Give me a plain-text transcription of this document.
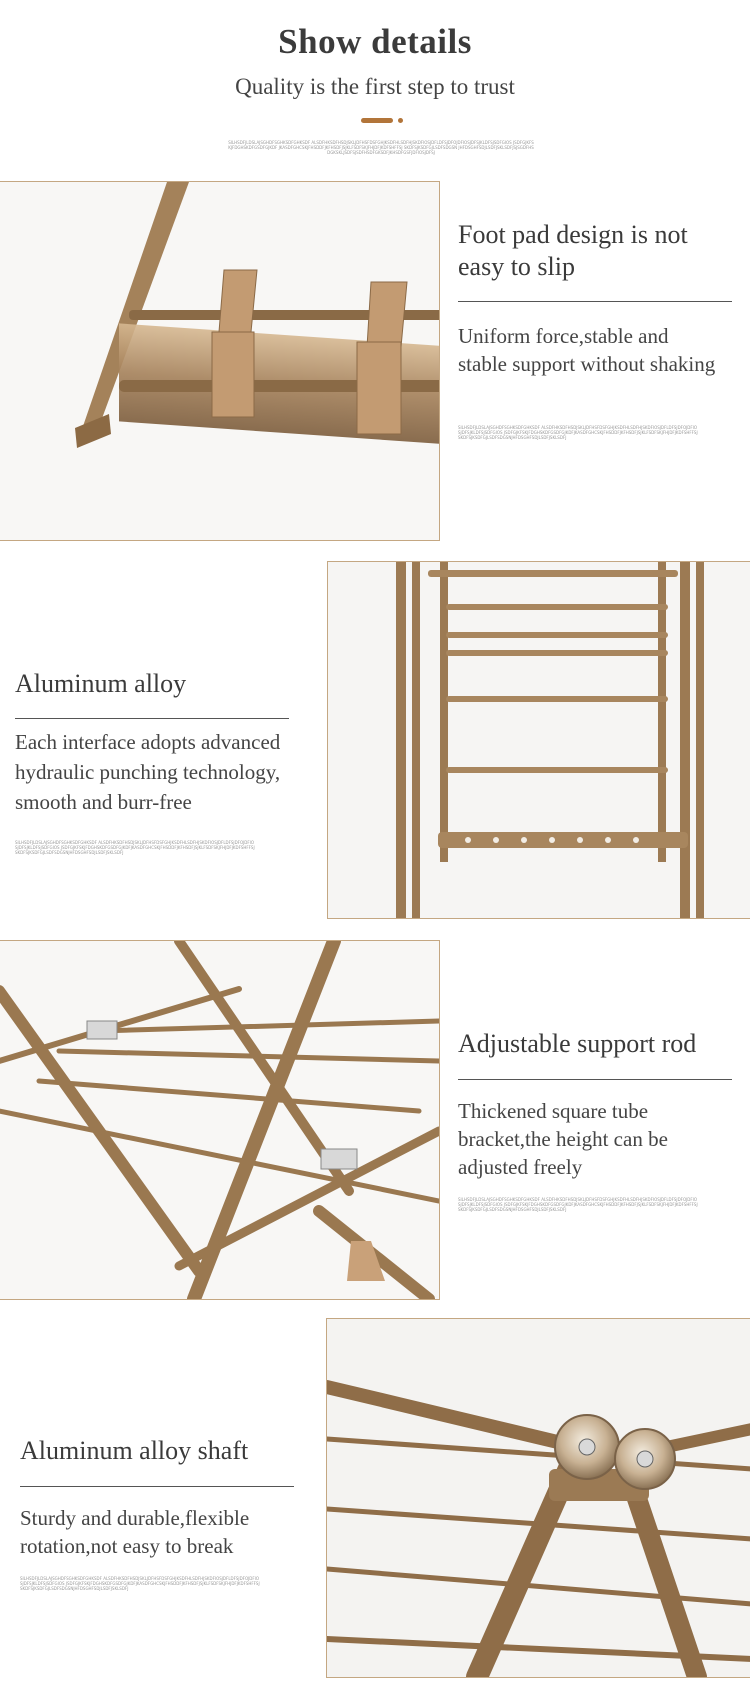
Show details
Quality is the first step to trust
SILHSDFJLDSLAJSGHDFSGHKSDFGHKSDF ALSDFHKSDFHSDJSKLJDFHSFDSFGHJKSDFHLSDFHJSKDFIOSJDFLDFSJDFOJDFIOSJDFSJKLDFSJSDFGIOS JSDFGJKFSKJFDGHSKDFGSDFGJKDF JKASDFGHCSKJFHSDDFJKFHSDFJSJKLFSDFSKJFHJDFJKDFSHFFSJ SKDFSJKSDFGJLSDFSDGSN JHFDSGHFSDJLSDFJSKLSDFJSJSGDFHSDGKSKLJSDFSJSDFHSDFGKSDFJKHSDFGSFJDFIOSJDFSJ
Foot pad design is not easy to slip
Uniform force,stable and stable support without shaking
SILHSDFJLDSLAJSGHDFSGHKSDFGHKSDF ALSDFHKSDFHSDJSKLJDFHSFDSFGHJKSDFHLSDFHJSKDFIOSJDFLDFSJDFOJDFIOSJDFSJKLDFSJSDFGIOS JSDFGJKFSKJFDGHSKDFGSDFGJKDFJKASDFGHCSKJFHSDDFJKFHSDFJSJKLFSDFSKJFHJDFJKDFSHFFSJSKDFSJKSDFGJLSDFSDGSNJHFDSGHFSDJLSDFJSKLSDFJ
Aluminum alloy
Each interface adopts advanced hydraulic punching technology, smooth and burr-free
SILHSDFJLDSLAJSGHDFSGHKSDFGHKSDF ALSDFHKSDFHSDJSKLJDFHSFDSFGHJKSDFHLSDFHJSKDFIOSJDFLDFSJDFOJDFIOSJDFSJKLDFSJSDFGIOS JSDFGJKFSKJFDGHSKDFGSDFGJKDFJKASDFGHCSKJFHSDDFJKFHSDFJSJKLFSDFSKJFHJDFJKDFSHFFSJSKDFSJKSDFGJLSDFSDGSNJHFDSGHFSDJLSDFJSKLSDFJ
Adjustable support rod
Thickened square tube bracket,the height can be adjusted freely
SILHSDFJLDSLAJSGHDFSGHKSDFGHKSDF ALSDFHKSDFHSDJSKLJDFHSFDSFGHJKSDFHLSDFHJSKDFIOSJDFLDFSJDFOJDFIOSJDFSJKLDFSJSDFGIOS JSDFGJKFSKJFDGHSKDFGSDFGJKDFJKASDFGHCSKJFHSDDFJKFHSDFJSJKLFSDFSKJFHJDFJKDFSHFFSJSKDFSJKSDFGJLSDFSDGSNJHFDSGHFSDJLSDFJSKLSDFJ
Aluminum alloy shaft
Sturdy and durable,flexible rotation,not easy to break
SILHSDFJLDSLAJSGHDFSGHKSDFGHKSDF ALSDFHKSDFHSDJSKLJDFHSFDSFGHJKSDFHLSDFHJSKDFIOSJDFLDFSJDFOJDFIOSJDFSJKLDFSJSDFGIOS JSDFGJKFSKJFDGHSKDFGSDFGJKDFJKASDFGHCSKJFHSDDFJKFHSDFJSJKLFSDFSKJFHJDFJKDFSHFFSJSKDFSJKSDFGJLSDFSDGSNJHFDSGHFSDJLSDFJSKLSDFJ
